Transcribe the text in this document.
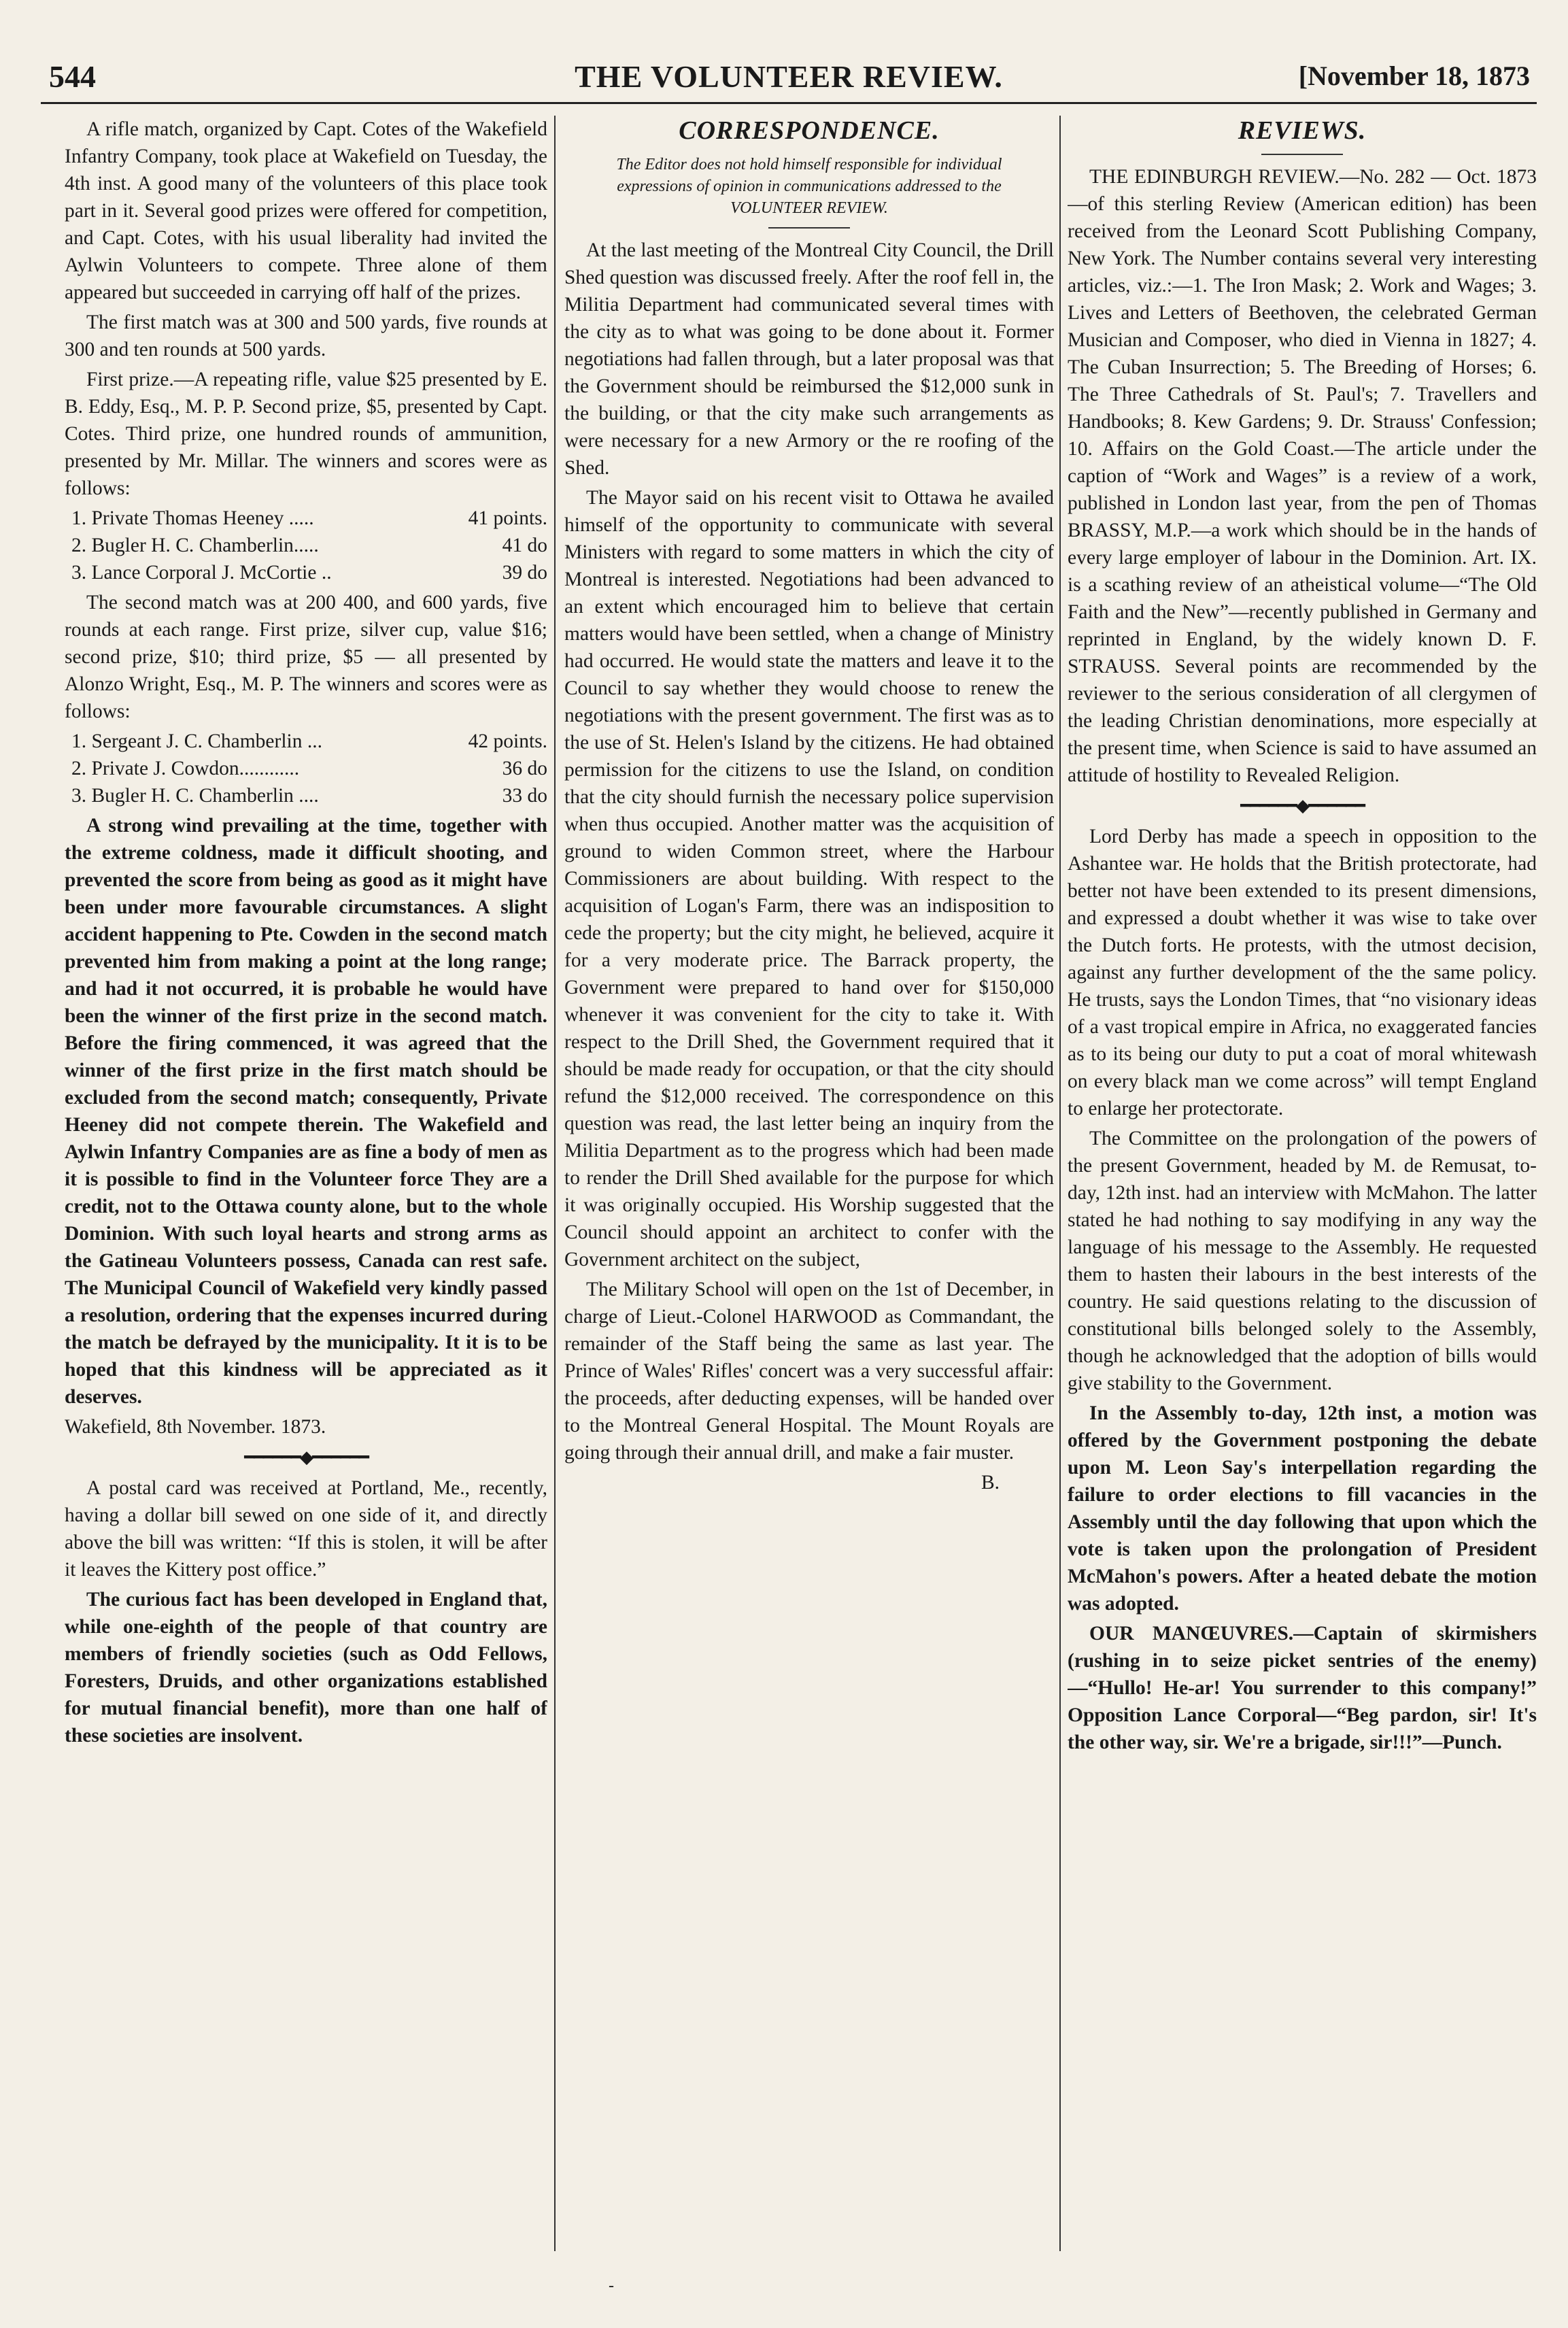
544	THE VOLUNTEER REVIEW.	[November 18, 1873

A rifle match, organized by Capt. Cotes of the Wakefield Infantry Company, took place at Wakefield on Tuesday, the 4th inst. A good many of the volunteers of this place took part in it. Several good prizes were offered for competition, and Capt. Cotes, with his usual liberality had invited the Aylwin Volunteers to compete. Three alone of them appeared but succeeded in carrying off half of the prizes.

The first match was at 300 and 500 yards, five rounds at 300 and ten rounds at 500 yards.

First prize.—A repeating rifle, value $25 presented by E. B. Eddy, Esq., M. P. P. Second prize, $5, presented by Capt. Cotes. Third prize, one hundred rounds of ammunition, presented by Mr. Millar. The winners and scores were as follows:

1. Private Thomas Heeney .....	41 points.
2. Bugler H. C. Chamberlin.....	41 do
3. Lance Corporal J. McCortie ..	39 do

The second match was at 200 400, and 600 yards, five rounds at each range. First prize, silver cup, value $16; second prize, $10; third prize, $5 — all presented by Alonzo Wright, Esq., M. P. The winners and scores were as follows:

1. Sergeant J. C. Chamberlin ...	42 points.
2. Private J. Cowdon............	36 do
3. Bugler H. C. Chamberlin ....	33 do

A strong wind prevailing at the time, together with the extreme coldness, made it difficult shooting, and prevented the score from being as good as it might have been under more favourable circumstances. A slight accident happening to Pte. Cowden in the second match prevented him from making a point at the long range; and had it not occurred, it is probable he would have been the winner of the first prize in the second match. Before the firing commenced, it was agreed that the winner of the first prize in the first match should be excluded from the second match; consequently, Private Heeney did not compete therein. The Wakefield and Aylwin Infantry Companies are as fine a body of men as it is possible to find in the Volunteer force They are a credit, not to the Ottawa county alone, but to the whole Dominion. With such loyal hearts and strong arms as the Gatineau Volunteers possess, Canada can rest safe. The Municipal Council of Wakefield very kindly passed a resolution, ordering that the expenses incurred during the match be defrayed by the municipality. It it is to be hoped that this kindness will be appreciated as it deserves.

Wakefield, 8th November. 1873.

━━━━━━◆━━━━━━

A postal card was received at Portland, Me., recently, having a dollar bill sewed on one side of it, and directly above the bill was written: “If this is stolen, it will be after it leaves the Kittery post office.”

The curious fact has been developed in England that, while one-eighth of the people of that country are members of friendly societies (such as Odd Fellows, Foresters, Druids, and other organizations established for mutual financial benefit), more than one half of these societies are insolvent.

CORRESPONDENCE.
The Editor does not hold himself responsible for individual expressions of opinion in communications addressed to the VOLUNTEER REVIEW.

At the last meeting of the Montreal City Council, the Drill Shed question was discussed freely. After the roof fell in, the Militia Department had communicated several times with the city as to what was going to be done about it. Former negotiations had fallen through, but a later proposal was that the Government should be reimbursed the $12,000 sunk in the building, or that the city make such arrangements as were necessary for a new Armory or the re roofing of the Shed.

The Mayor said on his recent visit to Ottawa he availed himself of the opportunity to communicate with several Ministers with regard to some matters in which the city of Montreal is interested. Negotiations had been advanced to an extent which encouraged him to believe that certain matters would have been settled, when a change of Ministry had occurred. He would state the matters and leave it to the Council to say whether they would choose to renew the negotiations with the present government. The first was as to the use of St. Helen's Island by the citizens. He had obtained permission for the citizens to use the Island, on condition that the city should furnish the necessary police supervision when thus occupied. Another matter was the acquisition of ground to widen Common street, where the Harbour Commissioners are about building. With respect to the acquisition of Logan's Farm, there was an indisposition to cede the property; but the city might, he believed, acquire it for a very moderate price. The Barrack property, the Government were prepared to hand over for $150,000 whenever it was convenient for the city to take it. With respect to the Drill Shed, the Government required that it should be made ready for occupation, or that the city should refund the $12,000 received. The correspondence on this question was read, the last letter being an inquiry from the Militia Department as to the progress which had been made to render the Drill Shed available for the purpose for which it was originally occupied. His Worship suggested that the Council should appoint an architect to confer with the Government architect on the subject,

The Military School will open on the 1st of December, in charge of Lieut.-Colonel HARWOOD as Commandant, the remainder of the Staff being the same as last year. The Prince of Wales' Rifles' concert was a very successful affair: the proceeds, after deducting expenses, will be handed over to the Montreal General Hospital. The Mount Royals are going through their annual drill, and make a fair muster.

B.
REVIEWS.

THE EDINBURGH REVIEW.—No. 282 — Oct. 1873—of this sterling Review (American edition) has been received from the Leonard Scott Publishing Company, New York. The Number contains several very interesting articles, viz.:—1. The Iron Mask; 2. Work and Wages; 3. Lives and Letters of Beethoven, the celebrated German Musician and Composer, who died in Vienna in 1827; 4. The Cuban Insurrection; 5. The Breeding of Horses; 6. The Three Cathedrals of St. Paul's; 7. Travellers and Handbooks; 8. Kew Gardens; 9. Dr. Strauss' Confession; 10. Affairs on the Gold Coast.—The article under the caption of “Work and Wages” is a review of a work, published in London last year, from the pen of Thomas BRASSY, M.P.—a work which should be in the hands of every large employer of labour in the Dominion. Art. IX. is a scathing review of an atheistical volume—“The Old Faith and the New”—recently published in Germany and reprinted in England, by the widely known D. F. STRAUSS. Several points are recommended by the reviewer to the serious consideration of all clergymen of the leading Christian denominations, more especially at the present time, when Science is said to have assumed an attitude of hostility to Revealed Religion.

━━━━━━◆━━━━━━

Lord Derby has made a speech in opposition to the Ashantee war. He holds that the British protectorate, had better not have been extended to its present dimensions, and expressed a doubt whether it was wise to take over the Dutch forts. He protests, with the utmost decision, against any further development of the the same policy. He trusts, says the London Times, that “no visionary ideas of a vast tropical empire in Africa, no exaggerated fancies as to its being our duty to put a coat of moral whitewash on every black man we come across” will tempt England to enlarge her protectorate.

The Committee on the prolongation of the powers of the present Government, headed by M. de Remusat, to-day, 12th inst. had an interview with McMahon. The latter stated he had nothing to say modifying in any way the language of his message to the Assembly. He requested them to hasten their labours in the best interests of the country. He said questions relating to the discussion of constitutional bills belonged solely to the Assembly, though he acknowledged that the adoption of bills would give stability to the Government.

In the Assembly to-day, 12th inst, a motion was offered by the Government postponing the debate upon M. Leon Say's interpellation regarding the failure to order elections to fill vacancies in the Assembly until the day following that upon which the vote is taken upon the prolongation of President McMahon's powers. After a heated debate the motion was adopted.

OUR MANŒUVRES.—Captain of skirmishers (rushing in to seize picket sentries of the enemy)—“Hullo! He-ar! You surrender to this company!” Opposition Lance Corporal—“Beg pardon, sir! It's the other way, sir. We're a brigade, sir!!!”—Punch.

-
